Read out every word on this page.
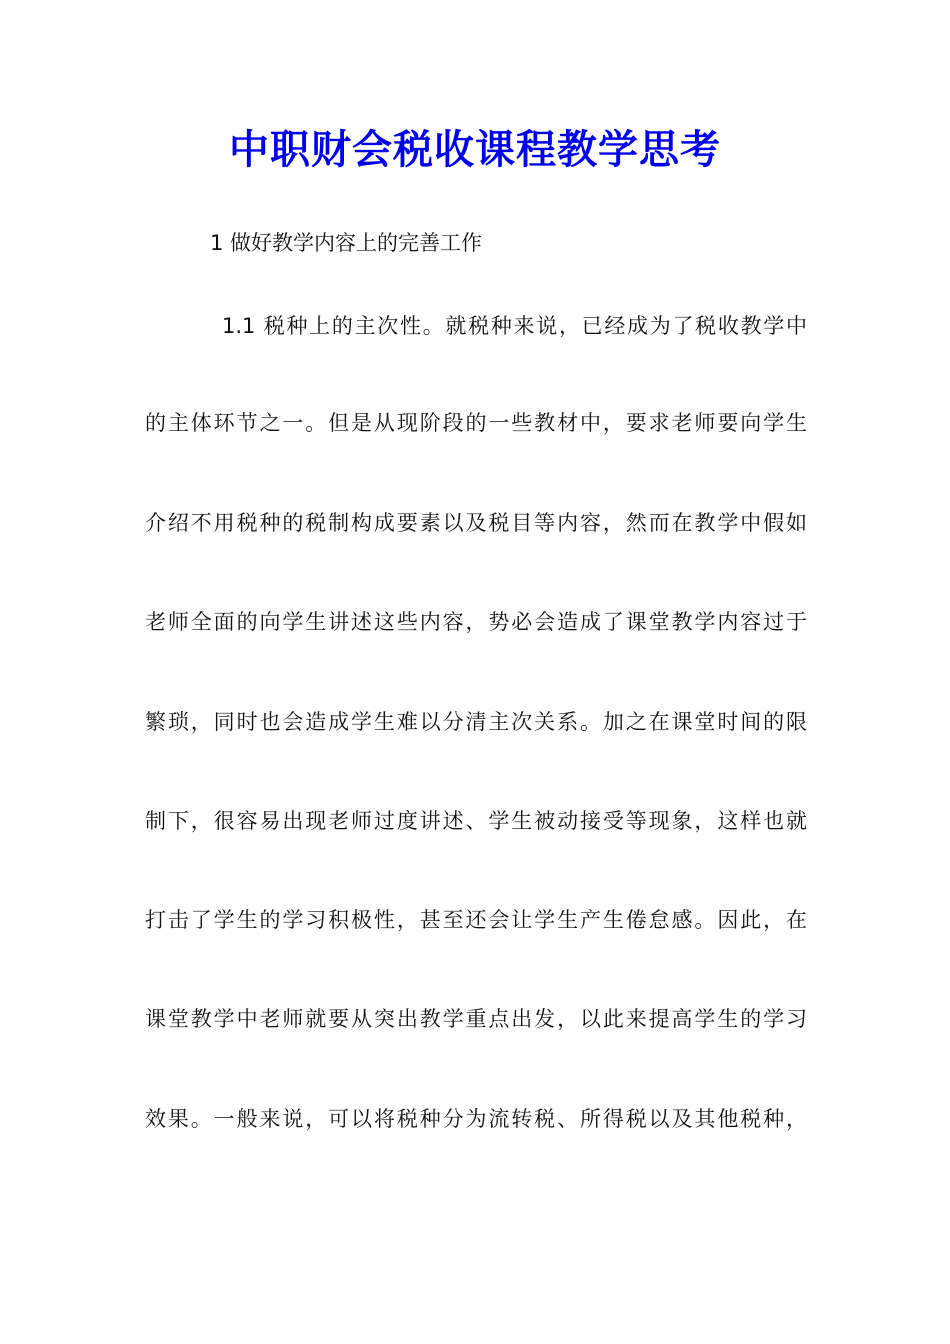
中职财会税收课程教学思考
1 做好教学内容上的完善工作
1.1 税种上的主次性。就税种来说，已经成为了税收教学中
的主体环节之一。但是从现阶段的一些教材中，要求老师要向学生
介绍不用税种的税制构成要素以及税目等内容，然而在教学中假如
老师全面的向学生讲述这些内容，势必会造成了课堂教学内容过于
繁琐，同时也会造成学生难以分清主次关系。加之在课堂时间的限
制下，很容易出现老师过度讲述、学生被动接受等现象，这样也就
打击了学生的学习积极性，甚至还会让学生产生倦怠感。因此，在
课堂教学中老师就要从突出教学重点出发，以此来提高学生的学习
效果。一般来说，可以将税种分为流转税、所得税以及其他税种，
